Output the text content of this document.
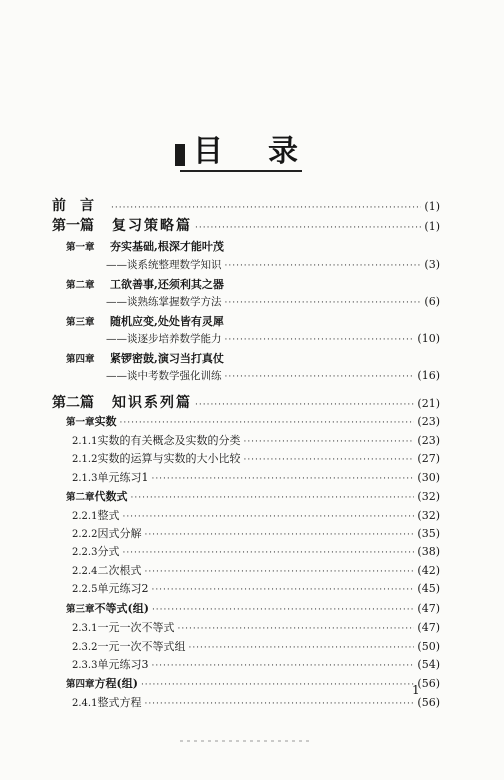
目 录
前言 ·····	(1)
第一篇 复习策略篇 ·····	(1)
第一章	夯实基础,根深才能叶茂
——谈系统整理数学知识 ·····	(3)
第二章	工欲善事,还须利其之器
——谈熟练掌握数学方法 ·····	(6)
第三章	随机应变,处处皆有灵犀
——谈逐步培养数学能力 ·····	(10)
第四章	紧锣密鼓,演习当打真仗
——谈中考数学强化训练 ·····	(16)
第二篇 知识系列篇 ·····	(21)
第一章 实数 ·····	(23)
2.1.1 实数的有关概念及实数的分类 ·····	(23)
2.1.2 实数的运算与实数的大小比较 ·····	(27)
2.1.3 单元练习1 ·····	(30)
第二章 代数式 ·····	(32)
2.2.1 整式 ·····	(32)
2.2.2 因式分解 ·····	(35)
2.2.3 分式 ·····	(38)
2.2.4 二次根式 ·····	(42)
2.2.5 单元练习2 ·····	(45)
第三章 不等式(组) ·····	(47)
2.3.1 一元一次不等式 ·····	(47)
2.3.2 一元一次不等式组 ·····	(50)
2.3.3 单元练习3 ·····	(54)
第四章 方程(组) ·····	(56)
2.4.1 整式方程 ·····	(56)
1
